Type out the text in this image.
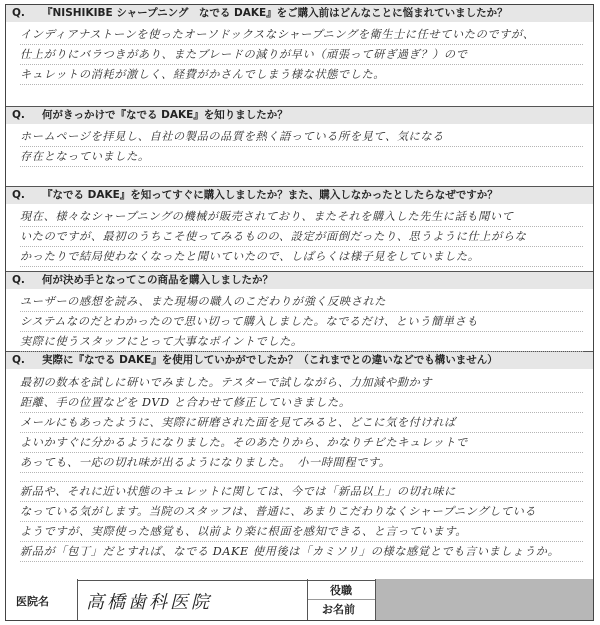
Q. 『NISHIKIBE シャープニング　なでる DAKE』をご購入前はどんなことに悩まれていましたか？
インディアナストーンを使ったオーソドックスなシャープニングを衛生士に任せていたのですが、
仕上がりにバラつきがあり、またブレードの減りが早い（頑張って研ぎ過ぎ？）ので
キュレットの消耗が激しく、経費がかさんでしまう様な状態でした。
Q. 何がきっかけで『なでる DAKE』を知りましたか？
ホームページを拝見し、自社の製品の品質を熱く語っている所を見て、気になる
存在となっていました。
Q. 『なでる DAKE』を知ってすぐに購入しましたか？また、購入しなかったとしたらなぜですか？
現在、様々なシャープニングの機械が販売されており、またそれを購入した先生に話も聞いて
いたのですが、最初のうちこそ使ってみるものの、設定が面倒だったり、思うように仕上がらな
かったりで結局使わなくなったと聞いていたので、しばらくは様子見をしていました。
Q. 何が決め手となってこの商品を購入しましたか？
ユーザーの感想を読み、また現場の職人のこだわりが強く反映された
システムなのだとわかったので思い切って購入しました。なでるだけ、という簡単さも
実際に使うスタッフにとって大事なポイントでした。
Q. 実際に『なでる DAKE』を使用していかがでしたか？（これまでとの違いなどでも構いません）
最初の数本を試しに研いでみました。テスターで試しながら、力加減や動かす
距離、手の位置などを DVD と合わせて修正していきました。
メールにもあったように、実際に研磨された面を見てみると、どこに気を付ければ
よいかすぐに分かるようになりました。そのあたりから、かなりチビたキュレットで
あっても、一応の切れ味が出るようになりました。　小一時間程です。
新品や、それに近い状態のキュレットに関しては、今では「新品以上」の切れ味に
なっている気がします。当院のスタッフは、普通に、あまりこだわりなくシャープニングしている
ようですが、実際使った感覚も、以前より楽に根面を感知できる、と言っています。
新品が「包丁」だとすれば、なでる DAKE 使用後は「カミソリ」の様な感覚とでも言いましょうか。
医院名 高橋歯科医院
役職
お名前
